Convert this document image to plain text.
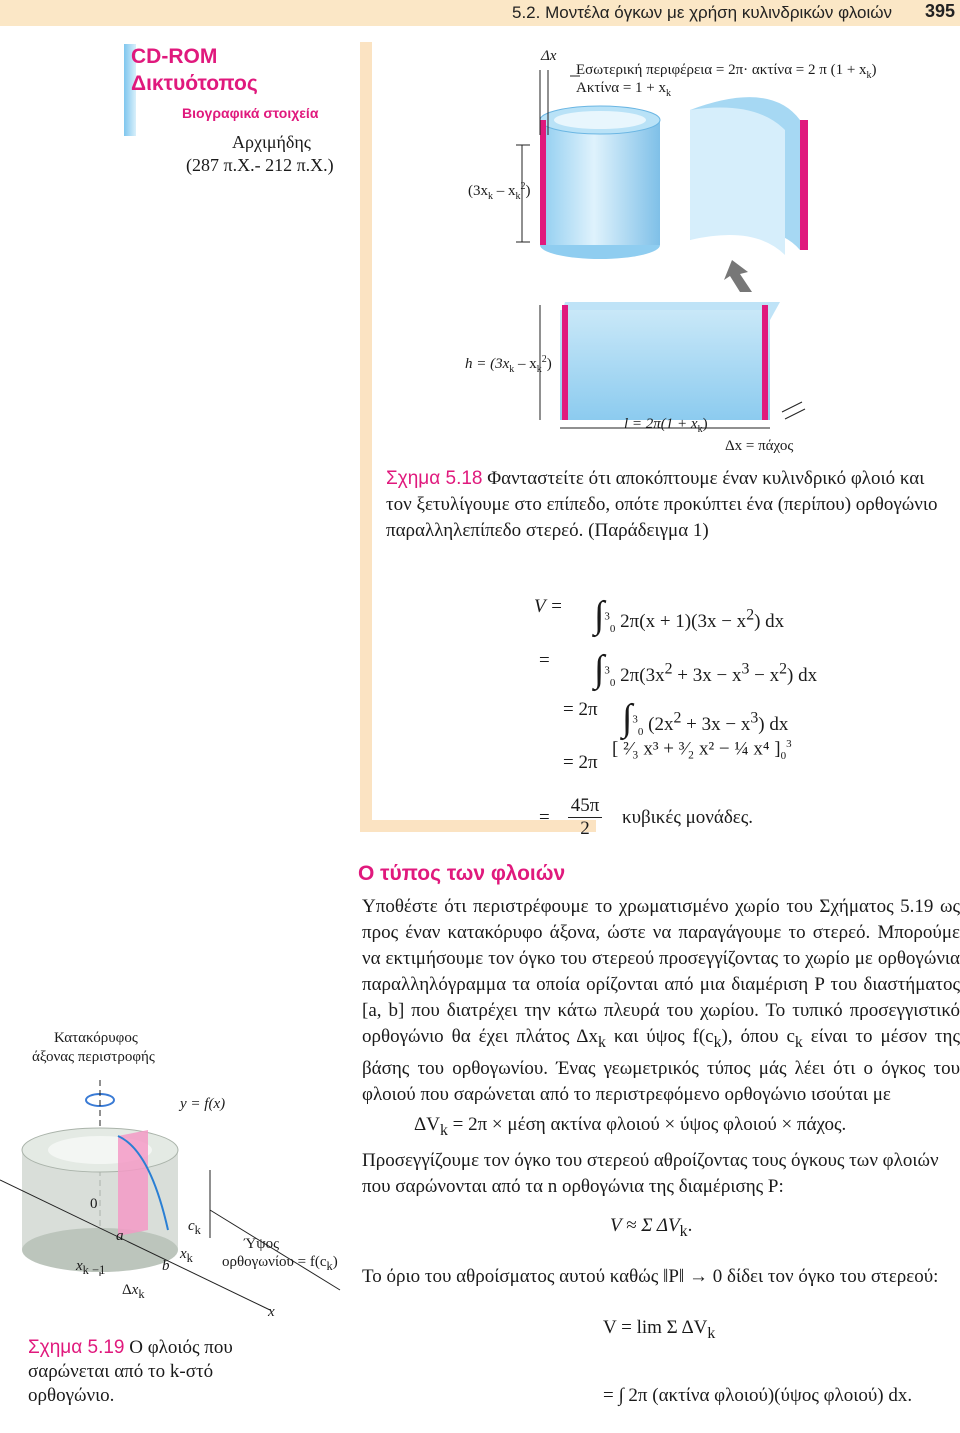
5.2. Μοντέλα όγκων με χρήση κυλινδρικών φλοιών 395
CD-ROM
Δικτυότοπος
Βιογραφικά στοιχεία
Αρχιμήδης
(287 π.Χ.- 212 π.Χ.)
Δx
Εσωτερική περιφέρεια = 2π· ακτίνα = 2 π $(1 + x_k)$
$A\kappa\tau ί\nu\alpha = 1 + x_k$
$(3x_k - x_k^2)$
$h = (3x_k - x_k^2)$
$l = 2\pi(1 + x_k)$
Δx = πάχος
Σχημα 5.18 Φανταστείτε ότι αποκόπτουμε έναν κυλινδρικό φλοιό και τον ξετυλίγουμε στο επίπεδο, οπότε προκύπτει ένα (περίπου) ορθογώνιο παραλληλεπίπεδο στερεό. (Παράδειγμα 1)
V = ∫$^3_0$ $2\pi(x + 1)(3x - x^2)$ dx
= ∫$^3_0$ $2\pi(3x^2 + 3x - x^3 - x^2)$ dx
= 2π ∫$^3_0$ $(2x^2 + 3x - x^3)$ dx
= 2π
[ ²⁄₃ x³ + ³⁄₂ x² − ¼ x⁴ ]$_0^3$
=
45π
2
κυβικές μονάδες.
Ο τύπος των φλοιών
Υποθέστε ότι περιστρέφουμε το χρωματισμένο χωρίο του Σχήματος 5.19 ως προς έναν κατακόρυφο άξονα, ώστε να παραγάγουμε το στερεό. Μπορούμε να εκτιμήσουμε τον όγκο του στερεού προσεγγίζοντας το χωρίο με ορθογώνια παραλληλόγραμμα τα οποία ορίζονται από μια διαμέριση P του διαστήματος [a, b] που διατρέχει την κάτω πλευρά του χωρίου. Το τυπικό προσεγγιστικό ορθογώνιο θα έχει πλάτος $\Delta x_k$ και ύψος $f(c_k)$, όπου $c_k$ είναι το μέσον της βάσης του ορθογωνίου. Ένας γεωμετρικός τύπος μάς λέει ότι ο όγκος του φλοιού που σαρώνεται από το περιστρεφόμενο ορθογώνιο ισούται με
$\Delta V_k = 2\pi \times \mu έ\sigma\eta$ ακτίνα φλοιού × ύψος φλοιού × πάχος.
Προσεγγίζουμε τον όγκο του στερεού αθροίζοντας τους όγκους των φλοιών που σαρώνονται από τα n ορθογώνια της διαμέρισης P:
V ≈ Σ $\Delta V_k$.
Το όριο του αθροίσματος αυτού καθώς ‖P‖ → 0 δίδει τον όγκο του στερεού:
V = lim Σ $\Delta V_k$
= ∫ 2π (ακτίνα φλοιού)(ύψος φλοιού) dx.
Κατακόρυφος
άξονας περιστροφής
y = f(x)
0
a
b
$c_k$
$x_k$
$x_{k -1}$
$\Delta x_k$
Ύψος
$o\rho\theta o\gamma\omega\nu ίo\upsilon = f(c_k)$
x
Σχημα 5.19 Ο φλοιός που σαρώνεται από το k-στό ορθογώνιο.
